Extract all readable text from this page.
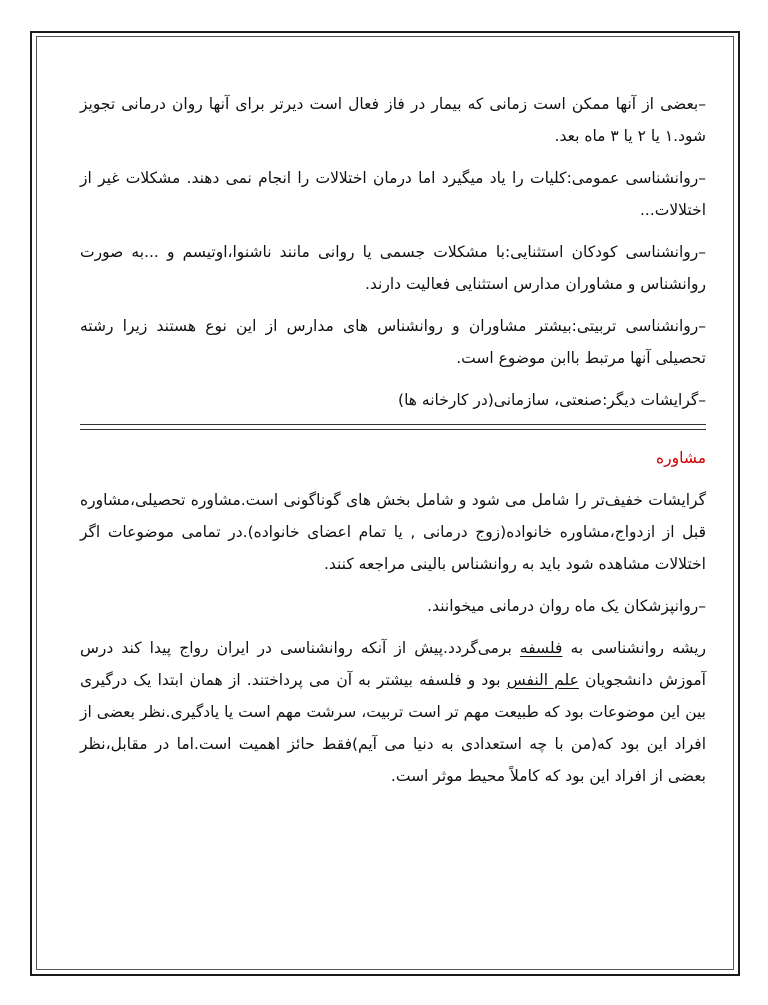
–بعضی از آنها ممکن است زمانی که بیمار در فاز فعال است دیرتر برای آنها روان درمانی تجویز شود.۱ یا ۲ یا ۳ ماه بعد.

–روانشناسی عمومی:کلیات را یاد میگیرد اما درمان اختلالات را انجام نمی دهند. مشکلات غیر از اختلالات...

–روانشناسی کودکان استثنایی:با مشکلات جسمی یا روانی مانند ناشنوا،اوتیسم و ...به صورت روانشناس و مشاوران مدارس استثنایی فعالیت دارند.

–روانشناسی تربیتی:بیشتر مشاوران و روانشناس های مدارس از این نوع هستند زیرا رشته تحصیلی آنها مرتبط باابن موضوع است.

–گرایشات دیگر:صنعتی، سازمانی(در کارخانه ها)

مشاوره

گرایشات خفیف‌تر را شامل می شود و شامل بخش های گوناگونی است.مشاوره تحصیلی،مشاوره قبل از ازدواج،مشاوره خانواده(زوج درمانی , یا تمام اعضای خانواده).در تمامی موضوعات اگر اختلالات مشاهده شود باید به روانشناس بالینی مراجعه کنند.

–روانپزشکان یک ماه روان درمانی میخوانند.

ریشه روانشناسی به فلسفه برمی‌گردد.پیش از آنکه روانشناسی در ایران رواج پیدا کند درس آموزش دانشجویان علم النفس بود و فلسفه بیشتر به آن می پرداختند. از همان ابتدا یک درگیری بین این موضوعات بود که طبیعت مهم تر است تربیت، سرشت مهم است یا یادگیری.نظر بعضی از افراد این بود که(من با چه استعدادی به دنیا می آیم)فقط حائز اهمیت است.اما در مقابل،نظر بعضی از افراد این بود که کاملاً محیط موثر است.
